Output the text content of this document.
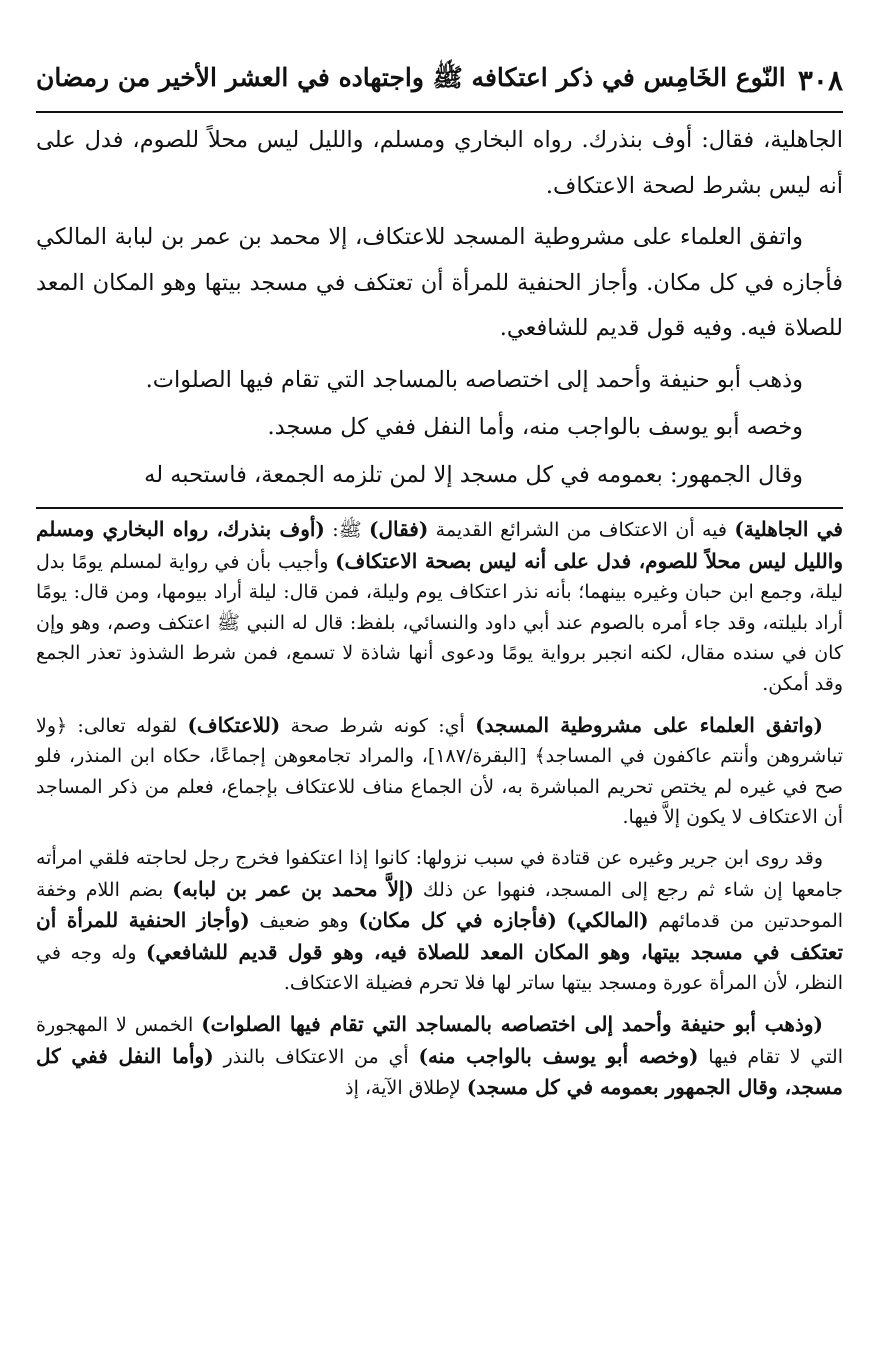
٣٠٨
النّوع الخَامِس في ذكر اعتكافه ﷺ واجتهاده في العشر الأخير من رمضان

الجاهلية، فقال: أوف بنذرك. رواه البخاري ومسلم، والليل ليس محلاً للصوم، فدل على أنه ليس بشرط لصحة الاعتكاف.

واتفق العلماء على مشروطية المسجد للاعتكاف، إلا محمد بن عمر بن لبابة المالكي فأجازه في كل مكان. وأجاز الحنفية للمرأة أن تعتكف في مسجد بيتها وهو المكان المعد للصلاة فيه. وفيه قول قديم للشافعي.

وذهب أبو حنيفة وأحمد إلى اختصاصه بالمساجد التي تقام فيها الصلوات.

وخصه أبو يوسف بالواجب منه، وأما النفل ففي كل مسجد.

وقال الجمهور: بعمومه في كل مسجد إلا لمن تلزمه الجمعة، فاستحبه له

في الجاهلية) فيه أن الاعتكاف من الشرائع القديمة (فقال) ﷺ: (أوف بنذرك، رواه البخاري ومسلم والليل ليس محلاً للصوم، فدل على أنه ليس بصحة الاعتكاف) وأجيب بأن في رواية لمسلم يومًا بدل ليلة، وجمع ابن حبان وغيره بينهما؛ بأنه نذر اعتكاف يوم وليلة، فمن قال: ليلة أراد بيومها، ومن قال: يومًا أراد بليلته، وقد جاء أمره بالصوم عند أبي داود والنسائي، بلفظ: قال له النبي ﷺ اعتكف وصم، وهو وإن كان في سنده مقال، لكنه انجبر برواية يومًا ودعوى أنها شاذة لا تسمع، فمن شرط الشذوذ تعذر الجمع وقد أمكن.

(واتفق العلماء على مشروطية المسجد) أي: كونه شرط صحة (للاعتكاف) لقوله تعالى: ﴿ولا تباشروهن وأنتم عاكفون في المساجد﴾ [البقرة/١٨٧]، والمراد تجامعوهن إجماعًا، حكاه ابن المنذر، فلو صح في غيره لم يختص تحريم المباشرة به، لأن الجماع مناف للاعتكاف بإجماع، فعلم من ذكر المساجد أن الاعتكاف لا يكون إلاَّ فيها.

وقد روى ابن جرير وغيره عن قتادة في سبب نزولها: كانوا إذا اعتكفوا فخرج رجل لحاجته فلقي امرأته جامعها إن شاء ثم رجع إلى المسجد، فنهوا عن ذلك (إلاَّ محمد بن عمر بن لبابه) بضم اللام وخفة الموحدتين من قدمائهم (المالكي) (فأجازه في كل مكان) وهو ضعيف (وأجاز الحنفية للمرأة أن تعتكف في مسجد بيتها، وهو المكان المعد للصلاة فيه، وهو قول قديم للشافعي) وله وجه في النظر، لأن المرأة عورة ومسجد بيتها ساتر لها فلا تحرم فضيلة الاعتكاف.

(وذهب أبو حنيفة وأحمد إلى اختصاصه بالمساجد التي تقام فيها الصلوات) الخمس لا المهجورة التي لا تقام فيها (وخصه أبو يوسف بالواجب منه) أي من الاعتكاف بالنذر (وأما النفل ففي كل مسجد، وقال الجمهور بعمومه في كل مسجد) لإطلاق الآية، إذ
